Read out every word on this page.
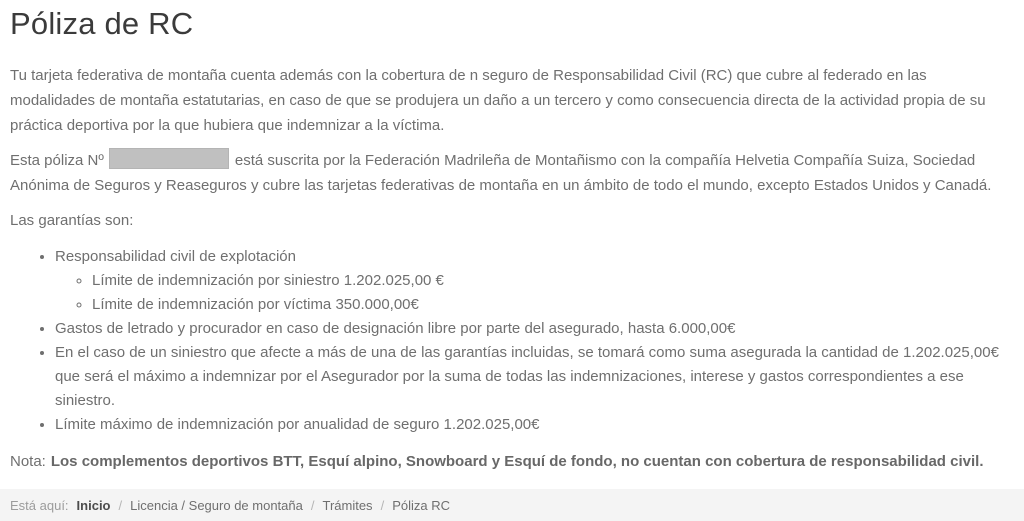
Póliza de RC

Tu tarjeta federativa de montaña cuenta además con la cobertura de n seguro de Responsabilidad Civil (RC) que cubre al federado en las modalidades de montaña estatutarias, en caso de que se produjera un daño a un tercero y como consecuencia directa de la actividad propia de su práctica deportiva por la que hubiera que indemnizar a la víctima.

Esta póliza Nº	está suscrita por la Federación Madrileña de Montañismo con la compañía Helvetia Compañía Suiza, Sociedad Anónima de Seguros y Reaseguros y cubre las tarjetas federativas de montaña en un ámbito de todo el mundo, excepto Estados Unidos y Canadá.

Las garantías son:

• Responsabilidad civil de explotación
◦ Límite de indemnización por siniestro 1.202.025,00 €
◦ Límite de indemnización por víctima 350.000,00€
• Gastos de letrado y procurador en caso de designación libre por parte del asegurado, hasta 6.000,00€
• En el caso de un siniestro que afecte a más de una de las garantías incluidas, se tomará como suma asegurada la cantidad de 1.202.025,00€ que será el máximo a indemnizar por el Asegurador por la suma de todas las indemnizaciones, interese y gastos correspondientes a ese siniestro.
• Límite máximo de indemnización por anualidad de seguro 1.202.025,00€

Nota: Los complementos deportivos BTT, Esquí alpino, Snowboard y Esquí de fondo, no cuentan con cobertura de responsabilidad civil.

Está aquí: Inicio / Licencia / Seguro de montaña / Trámites / Póliza RC
